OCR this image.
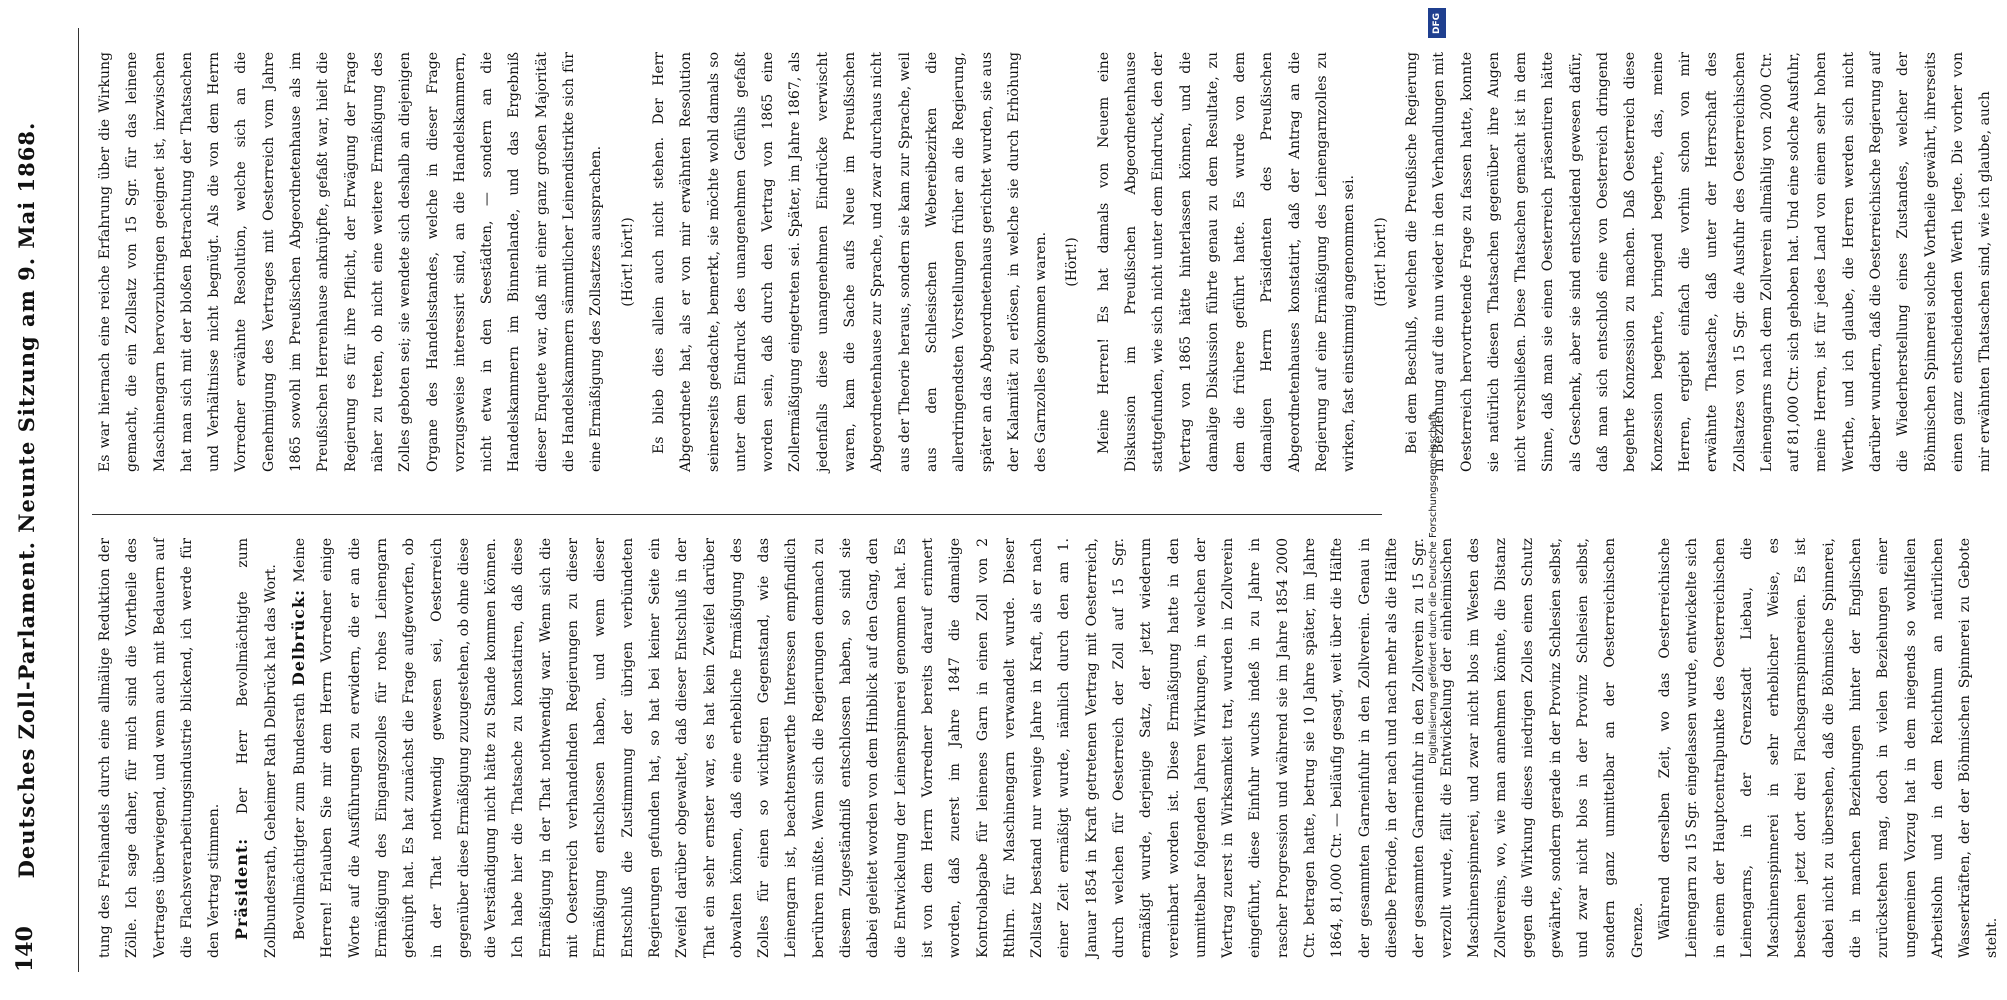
140
Deutsches Zoll-Parlament. Neunte Sitzung am 9. Mai 1868.	tung des Freihandels durch eine allmälige Reduktion der Zölle. Ich sage daher, für mich sind die Vortheile des Vertrages überwiegend, und wenn auch mit Bedauern auf die Flachsverarbeitungsindustrie blickend, ich werde für den Vertrag stimmen. Präsident: Der Herr Bevollmächtigte zum Zollbundesrath, Geheimer Rath Delbrück hat das Wort. Bevollmächtigter zum Bundesrath Delbrück: Meine Herren! Erlauben Sie mir dem Herrn Vorredner einige Worte auf die Ausführungen zu erwidern, die er an die Ermäßigung des Eingangszolles für rohes Leinengarn geknüpft hat. Es hat zunächst die Frage aufgeworfen, ob in der That nothwendig gewesen sei, Oesterreich gegenüber diese Ermäßigung zuzugestehen, ob ohne diese die Verständigung nicht hätte zu Stande kommen können. Ich habe hier die Thatsache zu konstatiren, daß diese Ermäßigung in der That nothwendig war. Wenn sich die mit Oesterreich verhandelnden Regierungen zu dieser Ermäßigung entschlossen haben, und wenn dieser Entschluß die Zustimmung der übrigen verbündeten Regierungen gefunden hat, so hat bei keiner Seite ein Zweifel darüber obgewaltet, daß dieser Entschluß in der That ein sehr ernster war, es hat kein Zweifel darüber obwalten können, daß eine erhebliche Ermäßigung des Zolles für einen so wichtigen Gegenstand, wie das Leinengarn ist, beachtenswerthe Interessen empfindlich berühren müßte. Wenn sich die Regierungen demnach zu diesem Zugeständniß entschlossen haben, so sind sie dabei geleitet worden von dem Hinblick auf den Gang, den die Entwickelung der Leinenspinnerei genommen hat. Es ist von dem Herrn Vorredner bereits darauf erinnert worden, daß zuerst im Jahre 1847 die damalige Kontrolabgabe für leinenes Garn in einen Zoll von 2 Rthlrn. für Maschinengarn verwandelt wurde. Dieser Zollsatz bestand nur wenige Jahre in Kraft, als er nach einer Zeit ermäßigt wurde, nämlich durch den am 1. Januar 1854 in Kraft getretenen Vertrag mit Oesterreich, durch welchen für Oesterreich der Zoll auf 15 Sgr. ermäßigt wurde, derjenige Satz, der jetzt wiederum vereinbart worden ist. Diese Ermäßigung hatte in den unmittelbar folgenden Jahren Wirkungen, in welchen der Vertrag zuerst in Wirksamkeit trat, wurden in Zollverein eingeführt, diese Einfuhr wuchs indeß in zu Jahre in rascher Progression und während sie im Jahre 1854 2000 Ctr. betragen hatte, betrug sie 10 Jahre später, im Jahre 1864, 81,000 Ctr. — beiläufig gesagt, weit über die Hälfte der gesammten Garneinfuhr in den Zollverein. Genau in dieselbe Periode, in der nach und nach mehr als die Hälfte der gesammten Garneinfuhr in den Zollverein zu 15 Sgr. verzollt wurde, fällt die Entwickelung der einheimischen Maschinenspinnerei, und zwar nicht blos im Westen des Zollvereins, wo, wie man annehmen könnte, die Distanz gegen die Wirkung dieses niedrigen Zolles einen Schutz gewährte, sondern gerade in der Provinz Schlesien selbst, und zwar nicht blos in der Provinz Schlesien selbst, sondern ganz unmittelbar an der Oesterreichischen Grenze. Während derselben Zeit, wo das Oesterreichische Leinengarn zu 15 Sgr. eingelassen wurde, entwickelte sich in einem der Hauptcentralpunkte des Oesterreichischen Leinengarns, in der Grenzstadt Liebau, die Maschinenspinnerei in sehr erheblicher Weise, es bestehen jetzt dort drei Flachsgarnspinnereien. Es ist dabei nicht zu übersehen, daß die Böhmische Spinnerei, die in manchen Beziehungen hinter der Englischen zurückstehen mag, doch in vielen Beziehungen einer ungemeinen Vorzug hat in dem niegends so wohlfeilen Arbeitslohn und in dem Reichthum an natürlichen Wasserkräften, der der Böhmischen Spinnerei zu Gebote steht.

Es war hiernach eine reiche Erfahrung über die Wirkung gemacht, die ein Zollsatz von 15 Sgr. für das leinene Maschinengarn hervorzubringen geeignet ist, inzwischen hat man sich mit der bloßen Betrachtung der Thatsachen und Verhältnisse nicht begnügt. Als die von dem Herrn Vorredner erwähnte Resolution, welche sich an die Genehmigung des Vertrages mit Oesterreich vom Jahre 1865 sowohl im Preußischen Abgeordnetenhause als im Preußischen Herrenhause anknüpfte, gefaßt war, hielt die Regierung es für ihre Pflicht, der Erwägung der Frage näher zu treten, ob nicht eine weitere Ermäßigung des Zolles geboten sei; sie wendete sich deshalb an diejenigen Organe des Handelsstandes, welche in dieser Frage vorzugsweise interessirt sind, an die Handelskammern, nicht etwa in den Seestädten, — sondern an die Handelskammern im Binnenlande, und das Ergebniß dieser Enquete war, daß mit einer ganz großen Majorität die Handelskammern sämmtlicher Leinendistrikte sich für eine Ermäßigung des Zollsatzes aussprachen.	(Hört! hört!)	Es blieb dies allein auch nicht stehen. Der Herr Abgeordnete hat, als er von mir erwähnten Resolution seinerseits gedachte, bemerkt, sie möchte wohl damals so unter dem Eindruck des unangenehmen Gefühls gefaßt worden sein, daß durch den Vertrag von 1865 eine Zollermäßigung eingetreten sei. Später, im Jahre 1867, als jedenfalls diese unangenehmen Eindrücke verwischt waren, kam die Sache aufs Neue im Preußischen Abgeordnetenhause zur Sprache, und zwar durchaus nicht aus der Theorie heraus, sondern sie kam zur Sprache, weil aus den Schlesischen Webereibezirken die allerdringendsten Vorstellungen früher an die Regierung, später an das Abgeordnetenhaus gerichtet wurden, sie aus der Kalamität zu erlösen, in welche sie durch Erhöhung des Garnzolles gekommen waren.	(Hört!)	Meine Herren! Es hat damals von Neuem eine Diskussion im Preußischen Abgeordnetenhause stattgefunden, wie sich nicht unter dem Eindruck, den der Vertrag von 1865 hätte hinterlassen können, und die damalige Diskussion führte genau zu dem Resultate, zu dem die frühere geführt hatte. Es wurde von dem damaligen Herrn Präsidenten des Preußischen Abgeordnetenhauses konstatirt, daß der Antrag an die Regierung auf eine Ermäßigung des Leinengarnzolles zu wirken, fast einstimmig angenommen sei.	(Hört! hört!)	Bei dem Beschluß, welchen die Preußische Regierung in Beziehung auf die nun wieder in den Verhandlungen mit Oesterreich hervortretende Frage zu fassen hatte, konnte sie natürlich diesen Thatsachen gegenüber ihre Augen nicht verschließen. Diese Thatsachen gemacht ist in dem Sinne, daß man sie einen Oesterreich präsentiren hätte als Geschenk, aber sie sind entscheidend gewesen dafür, daß man sich entschloß eine von Oesterreich dringend begehrte Konzession zu machen. Daß Oesterreich diese Konzession begehrte, bringend begehrte, das, meine Herren, ergiebt einfach die vorhin schon von mir erwähnte Thatsache, daß unter der Herrschaft des Zollsatzes von 15 Sgr. die Ausfuhr des Oesterreichischen Leinengarns nach dem Zollverein allmählig von 2000 Ctr. auf 81,000 Ctr. sich gehoben hat. Und eine solche Ausfuhr, meine Herren, ist für jedes Land von einem sehr hohen Werthe, und ich glaube, die Herren werden sich nicht darüber wundern, daß die Oesterreichische Regierung auf die Wiederherstellung eines Zustandes, welcher der Böhmischen Spinnerei solche Vortheile gewährt, ihrerseits einen ganz entscheidenden Werth legte. Die vorher von mir erwähnten Thatsachen sind, wie ich glaube, auch

DFG
Digitalisierung gefördert durch die Deutsche Forschungsgemeinschaft.
